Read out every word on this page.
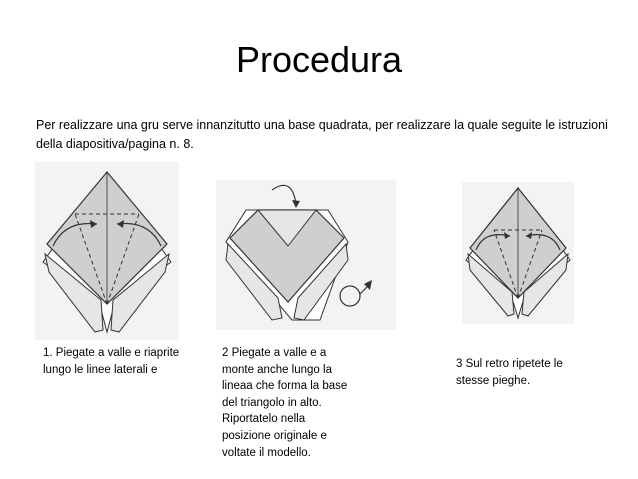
Procedura
Per realizzare una gru serve innanzitutto una base quadrata, per realizzare la quale seguite le istruzioni della diapositiva/pagina n. 8.
1. Piegate a valle e riaprite lungo le linee laterali e
2 Piegate a valle e a monte anche lungo la lineaa che forma la base del triangolo in alto. Riportatelo nella posizione originale e voltate il modello.
3 Sul retro ripetete le stesse pieghe.
